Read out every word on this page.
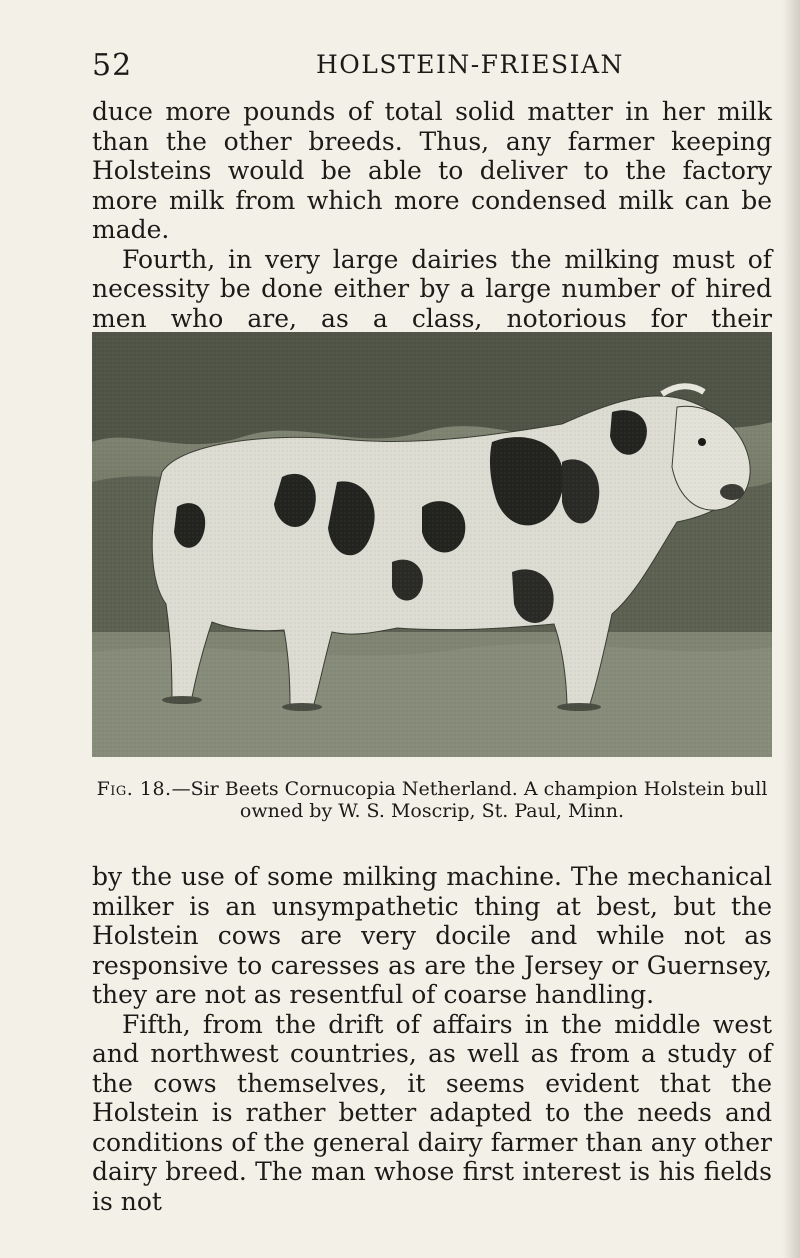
52	HOLSTEIN-FRIESIAN

duce more pounds of total solid matter in her milk than the other breeds. Thus, any farmer keeping Holsteins would be able to deliver to the factory more milk from which more condensed milk can be made.

Fourth, in very large dairies the milking must of necessity be done either by a large number of hired men who are, as a class, notorious for their

Fig. 18.—Sir Beets Cornucopia Netherland. A champion Holstein bull owned by W. S. Moscrip, St. Paul, Minn.

by the use of some milking machine. The mechanical milker is an unsympathetic thing at best, but the Holstein cows are very docile and while not as responsive to caresses as are the Jersey or Guernsey, they are not as resentful of coarse handling.

Fifth, from the drift of affairs in the middle west and northwest countries, as well as from a study of the cows themselves, it seems evident that the Holstein is rather better adapted to the needs and conditions of the general dairy farmer than any other dairy breed. The man whose first interest is his fields is not
